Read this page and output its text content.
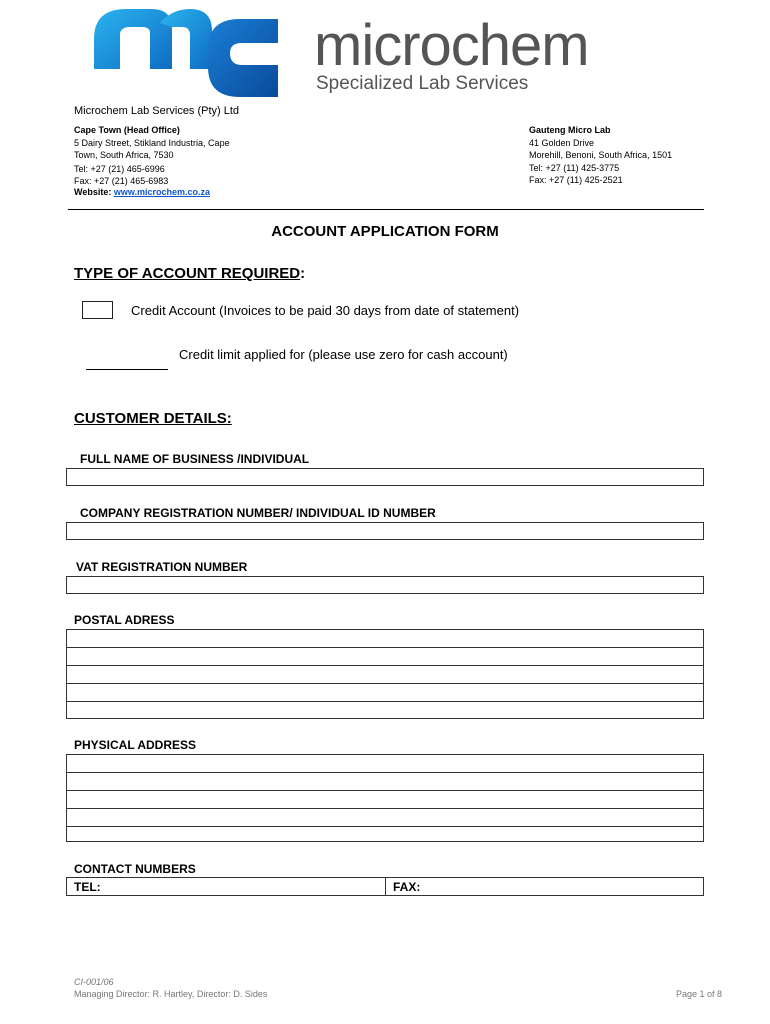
microchem
Specialized Lab Services
Microchem Lab Services (Pty) Ltd
Cape Town (Head Office)
5 Dairy Street, Stikland Industria, Cape Town, South Africa, 7530
Tel: +27 (21) 465-6996
Fax: +27 (21) 465-6983
Gauteng Micro Lab
41 Golden Drive
Morehill, Benoni, South Africa, 1501
Tel: +27 (11) 425-3775
Fax: +27 (11) 425-2521
Website: www.microchem.co.za
ACCOUNT APPLICATION FORM
TYPE OF ACCOUNT REQUIRED:
Credit Account (Invoices to be paid 30 days from date of statement)
Credit limit applied for (please use zero for cash account)
CUSTOMER DETAILS:
FULL NAME OF BUSINESS /INDIVIDUAL
COMPANY REGISTRATION NUMBER/ INDIVIDUAL ID NUMBER
VAT REGISTRATION NUMBER
POSTAL ADRESS
PHYSICAL ADDRESS
CONTACT NUMBERS
TEL:	FAX:
CI-001/06
Managing Director: R. Hartley, Director: D. Sides	Page 1 of 8
